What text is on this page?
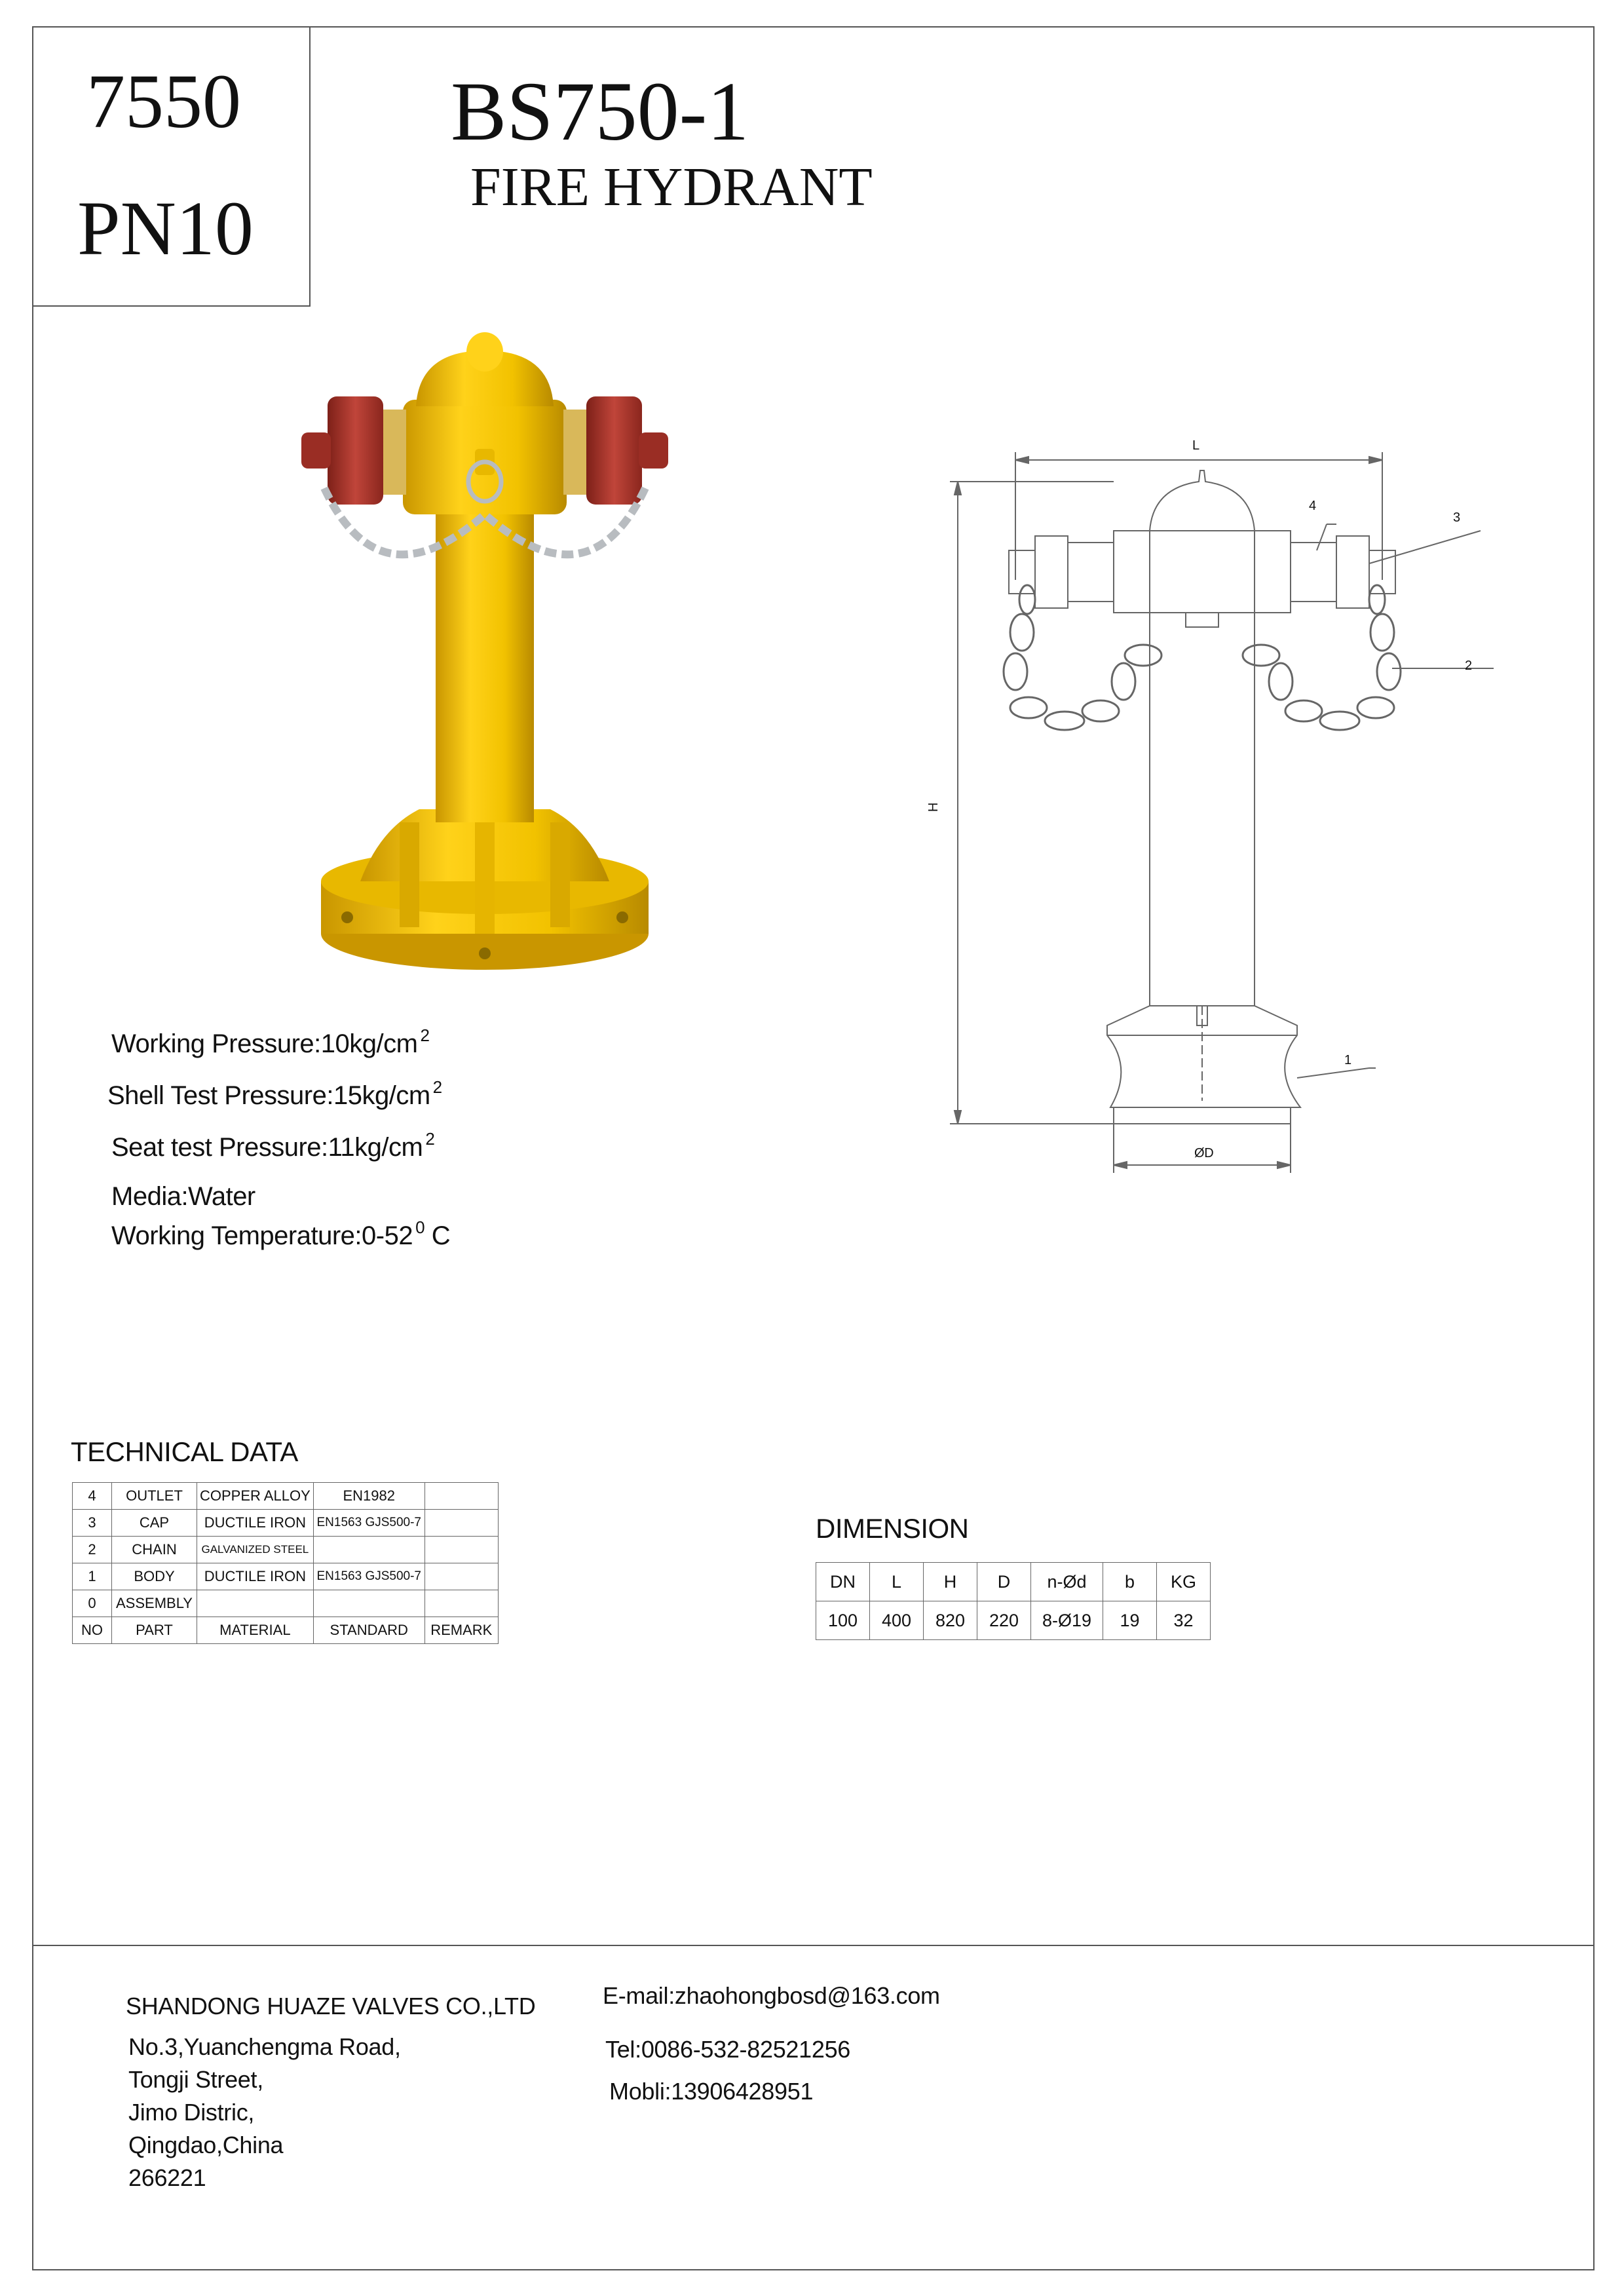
7550
PN10
BS750-1
FIRE HYDRANT
L
H
ØD
1
2
3
4
Working Pressure:10kg/cm $^2$
Shell Test Pressure:15kg/cm $^2$
Seat test Pressure:11kg/cm $^2$
Media:Water
Working Temperature:0-52 $^0$ C
TECHNICAL DATA
4	OUTLET	COPPER ALLOY	EN1982	
3	CAP	DUCTILE IRON	EN1563 GJS500-7	
2	CHAIN	GALVANIZED STEEL		
1	BODY	DUCTILE IRON	EN1563 GJS500-7	
0	ASSEMBLY			
NO	PART	MATERIAL	STANDARD	REMARK
DIMENSION
DN	L	H	D	n-Ød	b	KG
100	400	820	220	8-Ø19	19	32
SHANDONG HUAZE VALVES CO.,LTD
No.3,Yuanchengma Road,
Tongji Street,
Jimo Distric,
Qingdao,China
266221
E-mail:zhaohongbosd@163.com
Tel:0086-532-82521256
Mobli:13906428951
